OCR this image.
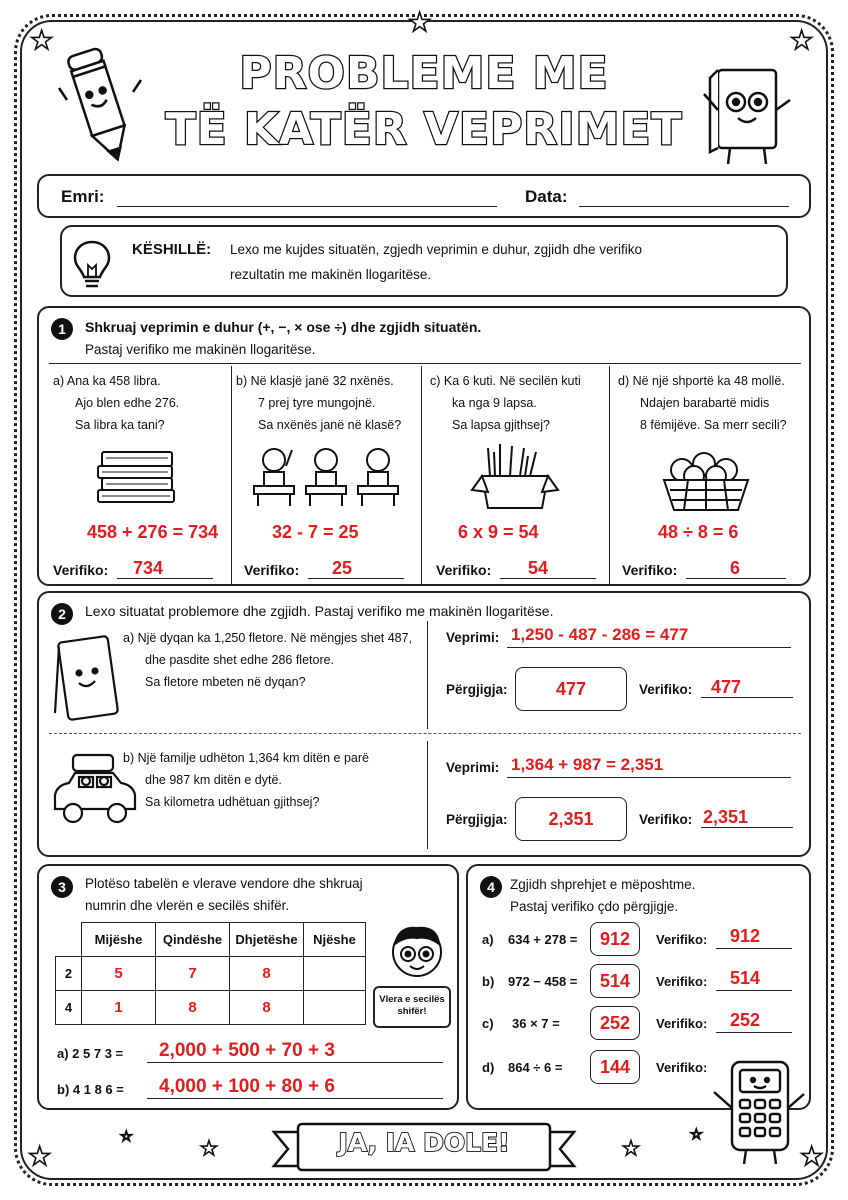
★
★
★
★	★
★	★
☆	☆
PROBLEME ME
TË KATËR VEPRIMET
Emri:	Data:
KËSHILLË: Lexo me kujdes situatën, zgjedh veprimin e duhur, zgjidh dhe verifiko
rezultatin me makinën llogaritëse.
1	Shkruaj veprimin e duhur (+, −, × ose ÷) dhe zgjidh situatën.
Pastaj verifiko me makinën llogaritëse.
a) Ana ka 458 libra.
Ajo blen edhe 276.
Sa libra ka tani?
458 + 276 = 734
Verifiko: 734
b) Në klasjë janë 32 nxënës.
7 prej tyre mungojnë.
Sa nxënës janë në klasë?
32 - 7 = 25
Verifiko: 25
c) Ka 6 kuti. Në secilën kuti
ka nga 9 lapsa.
Sa lapsa gjithsej?
6 x 9 = 54
Verifiko: 54
d) Në një shportë ka 48 mollë.
Ndajen barabartë midis
8 fëmijëve. Sa merr secili?
48 ÷ 8 = 6
Verifiko:	6
2	Lexo situatat problemore dhe zgjidh. Pastaj verifiko me makinën llogaritëse.
a) Një dyqan ka 1,250 fletore. Në mëngjes shet 487,
dhe pasdite shet edhe 286 fletore.
Sa fletore mbeten në dyqan?
Veprimi: 1,250 - 487 - 286 = 477
Përgjigja:	477	Verifiko: 477
b) Një familje udhëton 1,364 km ditën e parë
dhe 987 km ditën e dytë.
Sa kilometra udhëtuan gjithsej?
Veprimi: 1,364 + 987 = 2,351
Përgjigja: 2,351	Verifiko: 2,351
3	Plotëso tabelën e vlerave vendore dhe shkruaj
numrin dhe vlerën e secilës shifër.
	Mijëshe	Qindëshe	Dhjetëshe	Njëshe
2	5	7	8	
4	1	8	8		Vlera e secilës shifër!
a) 2 5 7 3 = 2,000 + 500 + 70 + 3
b) 4 1 8 6 = 4,000 + 100 + 80 + 6
4	Zgjidh shprehjet e mëposhtme.
Pastaj verifiko çdo përgjigje.
a) 634 + 278 = 912 Verifiko: 912
b) 972 − 458 = 514 Verifiko: 514
c) 36 × 7 = 252 Verifiko: 252
d) 864 ÷ 6 = 144 Verifiko:
JA, IA DOLE!
